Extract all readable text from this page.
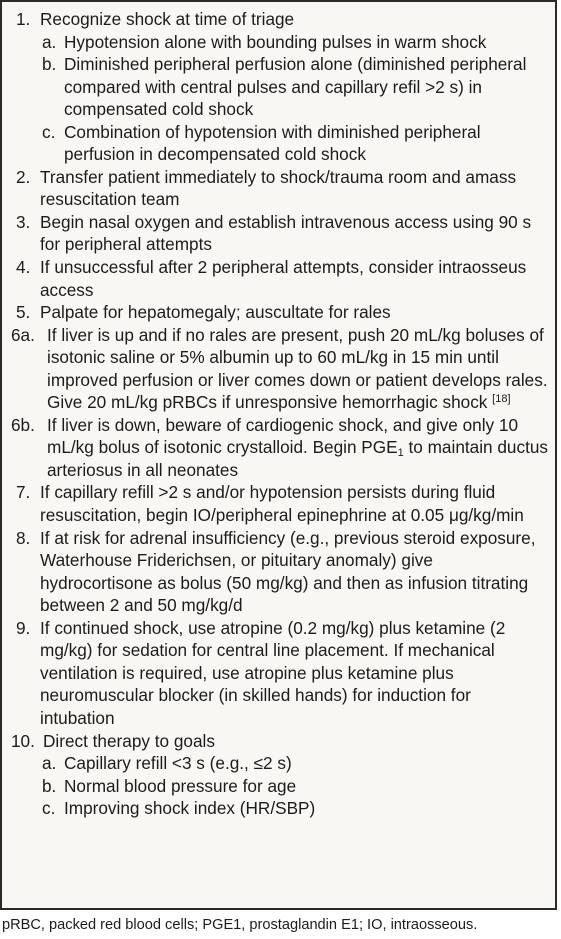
1. Recognize shock at time of triage
a. Hypotension alone with bounding pulses in warm shock
b. Diminished peripheral perfusion alone (diminished peripheral compared with central pulses and capillary refil >2 s) in compensated cold shock
c. Combination of hypotension with diminished peripheral perfusion in decompensated cold shock
2. Transfer patient immediately to shock/trauma room and amass resuscitation team
3. Begin nasal oxygen and establish intravenous access using 90 s for peripheral attempts
4. If unsuccessful after 2 peripheral attempts, consider intraosseus access
5. Palpate for hepatomegaly; auscultate for rales
6a. If liver is up and if no rales are present, push 20 mL/kg boluses of isotonic saline or 5% albumin up to 60 mL/kg in 15 min until improved perfusion or liver comes down or patient develops rales. Give 20 mL/kg pRBCs if unresponsive hemorrhagic shock [18]
6b. If liver is down, beware of cardiogenic shock, and give only 10 mL/kg bolus of isotonic crystalloid. Begin $PGE_1$ to maintain ductus arteriosus in all neonates
7. If capillary refill >2 s and/or hypotension persists during fluid resuscitation, begin IO/peripheral epinephrine at 0.05 μg/kg/min
8. If at risk for adrenal insufficiency (e.g., previous steroid exposure, Waterhouse Friderichsen, or pituitary anomaly) give hydrocortisone as bolus (50 mg/kg) and then as infusion titrating between 2 and 50 mg/kg/d
9. If continued shock, use atropine (0.2 mg/kg) plus ketamine (2 mg/kg) for sedation for central line placement. If mechanical ventilation is required, use atropine plus ketamine plus neuromuscular blocker (in skilled hands) for induction for intubation
10. Direct therapy to goals
a. Capillary refill <3 s (e.g., ≤2 s)
b. Normal blood pressure for age
c. Improving shock index (HR/SBP)
pRBC, packed red blood cells; PGE1, prostaglandin E1; IO, intraosseous.
